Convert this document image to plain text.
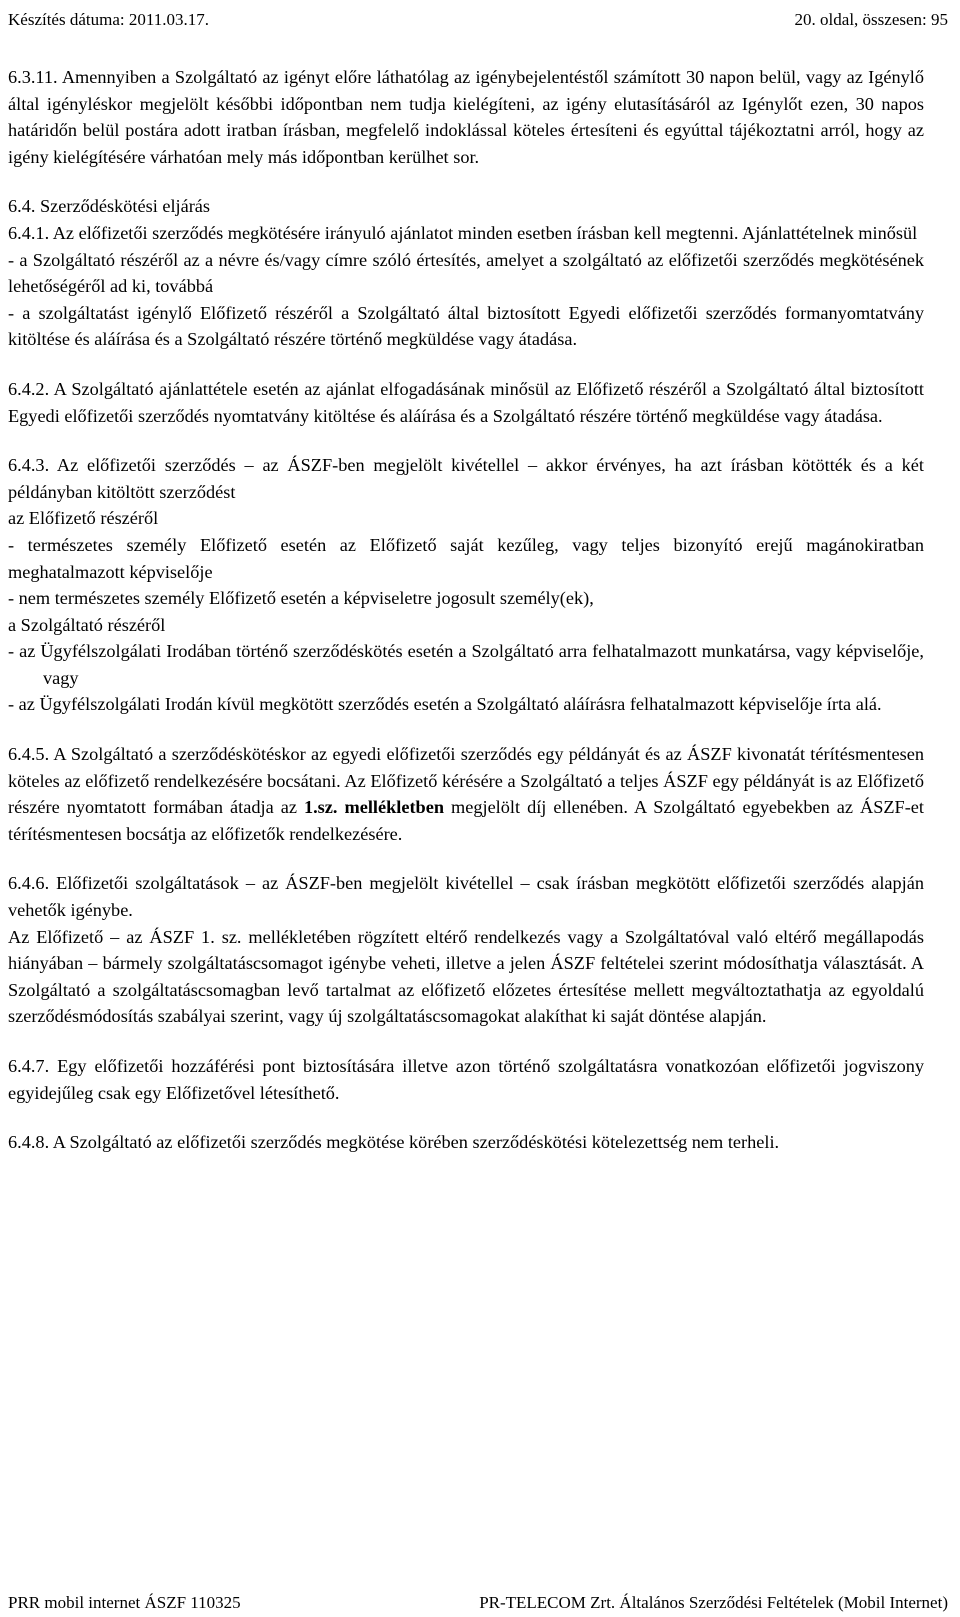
Készítés dátuma: 2011.03.17.	20. oldal, összesen: 95

6.3.11. Amennyiben a Szolgáltató az igényt előre láthatólag az igénybejelentéstől számított 30 napon belül, vagy az Igénylő által igényléskor megjelölt későbbi időpontban nem tudja kielégíteni, az igény elutasításáról az Igénylőt ezen, 30 napos határidőn belül postára adott iratban írásban, megfelelő indoklással köteles értesíteni és egyúttal tájékoztatni arról, hogy az igény kielégítésére várhatóan mely más időpontban kerülhet sor.

6.4. Szerződéskötési eljárás

6.4.1. Az előfizetői szerződés megkötésére irányuló ajánlatot minden esetben írásban kell megtenni. Ajánlattételnek minősül

- a Szolgáltató részéről az a névre és/vagy címre szóló értesítés, amelyet a szolgáltató az előfizetői szerződés megkötésének lehetőségéről ad ki, továbbá

- a szolgáltatást igénylő Előfizető részéről a Szolgáltató által biztosított Egyedi előfizetői szerződés formanyomtatvány kitöltése és aláírása és a Szolgáltató részére történő megküldése vagy átadása.

6.4.2. A Szolgáltató ajánlattétele esetén az ajánlat elfogadásának minősül az Előfizető részéről a Szolgáltató által biztosított Egyedi előfizetői szerződés nyomtatvány kitöltése és aláírása és a Szolgáltató részére történő megküldése vagy átadása.

6.4.3. Az előfizetői szerződés – az ÁSZF-ben megjelölt kivétellel – akkor érvényes, ha azt írásban kötötték és a két példányban kitöltött szerződést

az Előfizető részéről

- természetes személy Előfizető esetén az Előfizető saját kezűleg, vagy teljes bizonyító erejű magánokiratban meghatalmazott képviselője

- nem természetes személy Előfizető esetén a képviseletre jogosult személy(ek),

a Szolgáltató részéről

- az Ügyfélszolgálati Irodában történő szerződéskötés esetén a Szolgáltató arra felhatalmazott munkatársa, vagy képviselője, vagy

- az Ügyfélszolgálati Irodán kívül megkötött szerződés esetén a Szolgáltató aláírásra felhatalmazott képviselője írta alá.

6.4.5. A Szolgáltató a szerződéskötéskor az egyedi előfizetői szerződés egy példányát és az ÁSZF kivonatát térítésmentesen köteles az előfizető rendelkezésére bocsátani. Az Előfizető kérésére a Szolgáltató a teljes ÁSZF egy példányát is az Előfizető részére nyomtatott formában átadja az 1.sz. mellékletben megjelölt díj ellenében. A Szolgáltató egyebekben az ÁSZF-et térítésmentesen bocsátja az előfizetők rendelkezésére.

6.4.6. Előfizetői szolgáltatások – az ÁSZF-ben megjelölt kivétellel – csak írásban megkötött előfizetői szerződés alapján vehetők igénybe.

Az Előfizető – az ÁSZF 1. sz. mellékletében rögzített eltérő rendelkezés vagy a Szolgáltatóval való eltérő megállapodás hiányában – bármely szolgáltatáscsomagot igénybe veheti, illetve a jelen ÁSZF feltételei szerint módosíthatja választását. A Szolgáltató a szolgáltatáscsomagban levő tartalmat az előfizető előzetes értesítése mellett megváltoztathatja az egyoldalú szerződésmódosítás szabályai szerint, vagy új szolgáltatáscsomagokat alakíthat ki saját döntése alapján.

6.4.7. Egy előfizetői hozzáférési pont biztosítására illetve azon történő szolgáltatásra vonatkozóan előfizetői jogviszony egyidejűleg csak egy Előfizetővel létesíthető.

6.4.8. A Szolgáltató az előfizetői szerződés megkötése körében szerződéskötési kötelezettség nem terheli.

PRR mobil internet ÁSZF 110325	PR-TELECOM Zrt. Általános Szerződési Feltételek (Mobil Internet)
